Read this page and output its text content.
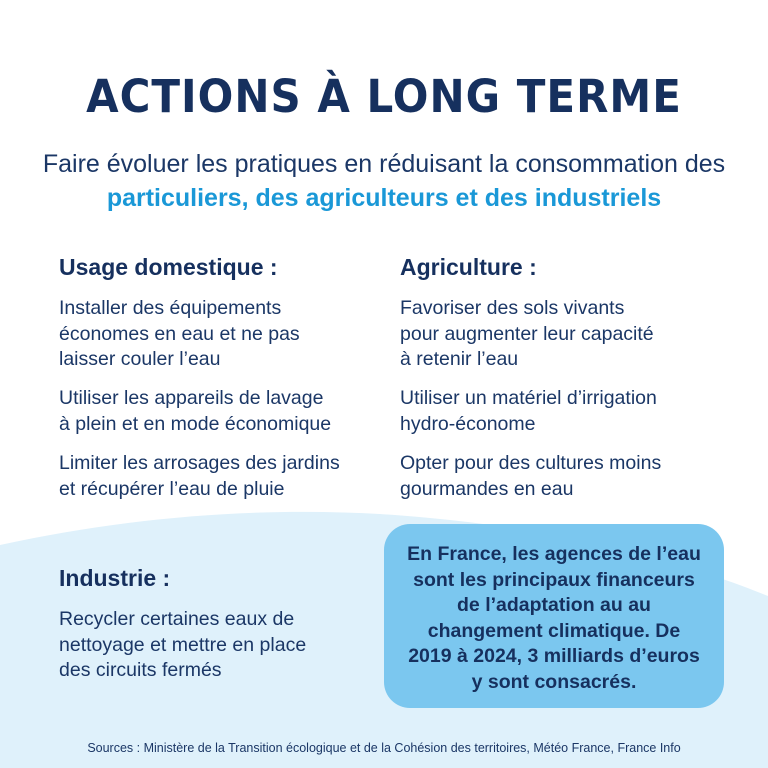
ACTIONS À LONG TERME
Faire évoluer les pratiques en réduisant la consommation des particuliers, des agriculteurs et des industriels
Usage domestique :
Installer des équipements
économes en eau et ne pas
laisser couler l’eau
Utiliser les appareils de lavage
à plein et en mode économique
Limiter les arrosages des jardins
et récupérer l’eau de pluie
Agriculture :
Favoriser des sols vivants
pour augmenter leur capacité
à retenir l’eau
Utiliser un matériel d’irrigation
hydro-économe
Opter pour des cultures moins
gourmandes en eau
Industrie :
Recycler certaines eaux de
nettoyage et mettre en place
des circuits fermés
En France, les agences de l’eau sont les principaux financeurs de l’adaptation au au changement climatique. De 2019 à 2024, 3 milliards d’euros y sont consacrés.
Sources : Ministère de la Transition écologique et de la Cohésion des territoires, Météo France, France Info
